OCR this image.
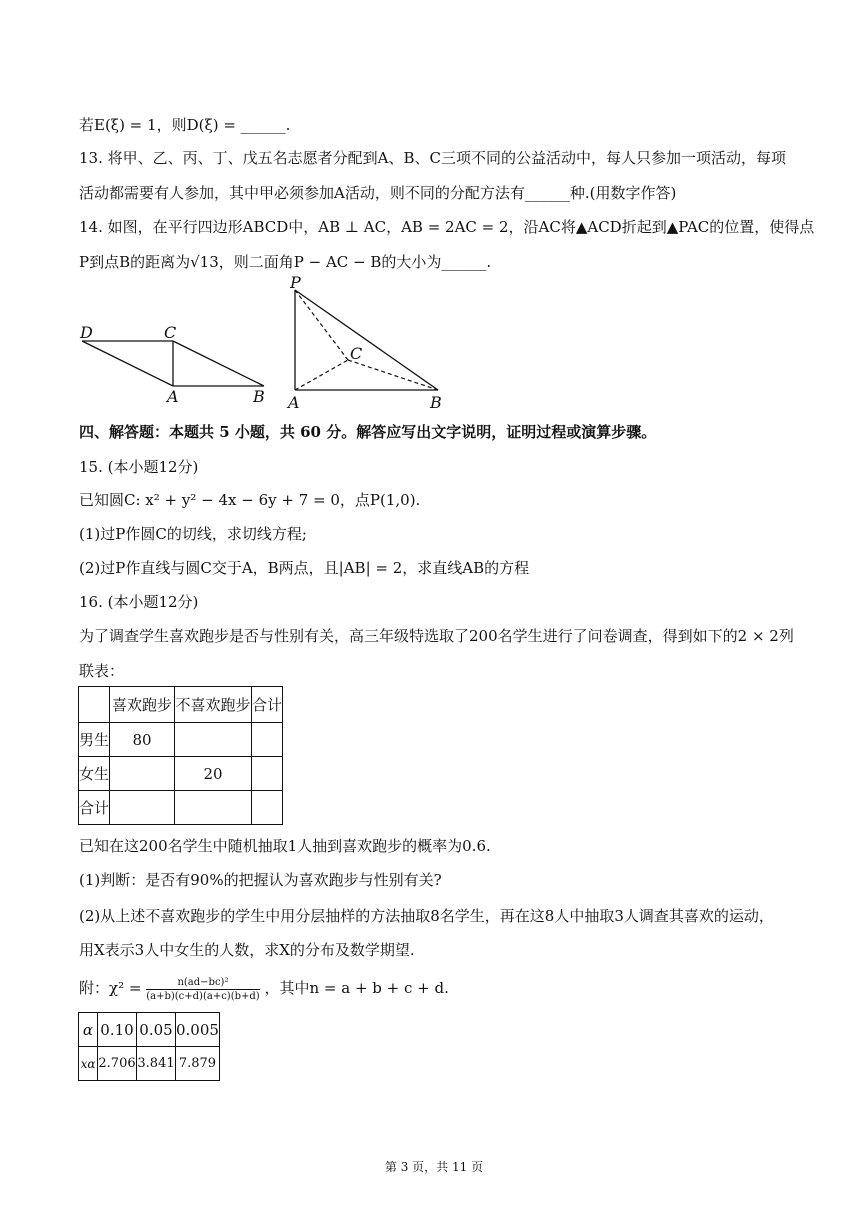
若E(ξ) = 1，则D(ξ) = ______.
13. 将甲、乙、丙、丁、戊五名志愿者分配到A、B、C三项不同的公益活动中，每人只参加一项活动，每项
活动都需要有人参加，其中甲必须参加A活动，则不同的分配方法有______种.(用数字作答)
14. 如图，在平行四边形ABCD中，AB ⊥ AC，AB = 2AC = 2，沿AC将▲ACD折起到▲PAC的位置，使得点
P到点B的距离为√13，则二面角P − AC − B的大小为______.
D	C
A	B
P
C
A	B
四、解答题：本题共 5 小题，共 60 分。解答应写出文字说明，证明过程或演算步骤。
15. (本小题12分)
已知圆C: x² + y² − 4x − 6y + 7 = 0，点P(1,0).
(1)过P作圆C的切线，求切线方程;
(2)过P作直线与圆C交于A，B两点，且|AB| = 2，求直线AB的方程
16. (本小题12分)
为了调查学生喜欢跑步是否与性别有关，高三年级特选取了200名学生进行了问卷调查，得到如下的2 × 2列
联表：
	喜欢跑步	不喜欢跑步	合计
男生	80		
女生		20	
合计			
已知在这200名学生中随机抽取1人抽到喜欢跑步的概率为0.6.
(1)判断：是否有90%的把握认为喜欢跑步与性别有关?
(2)从上述不喜欢跑步的学生中用分层抽样的方法抽取8名学生，再在这8人中抽取3人调查其喜欢的运动，
用X表示3人中女生的人数，求X的分布及数学期望.
附：$\chi^2 = \frac{\text{n(ad−bc)²}}{(a+b)(c+d)(a+c)(b+d)}$ ，其中n = a + b + c + d.
α	0.10	0.05	0.005
xα	2.706	3.841	7.879
第 3 页，共 11 页
